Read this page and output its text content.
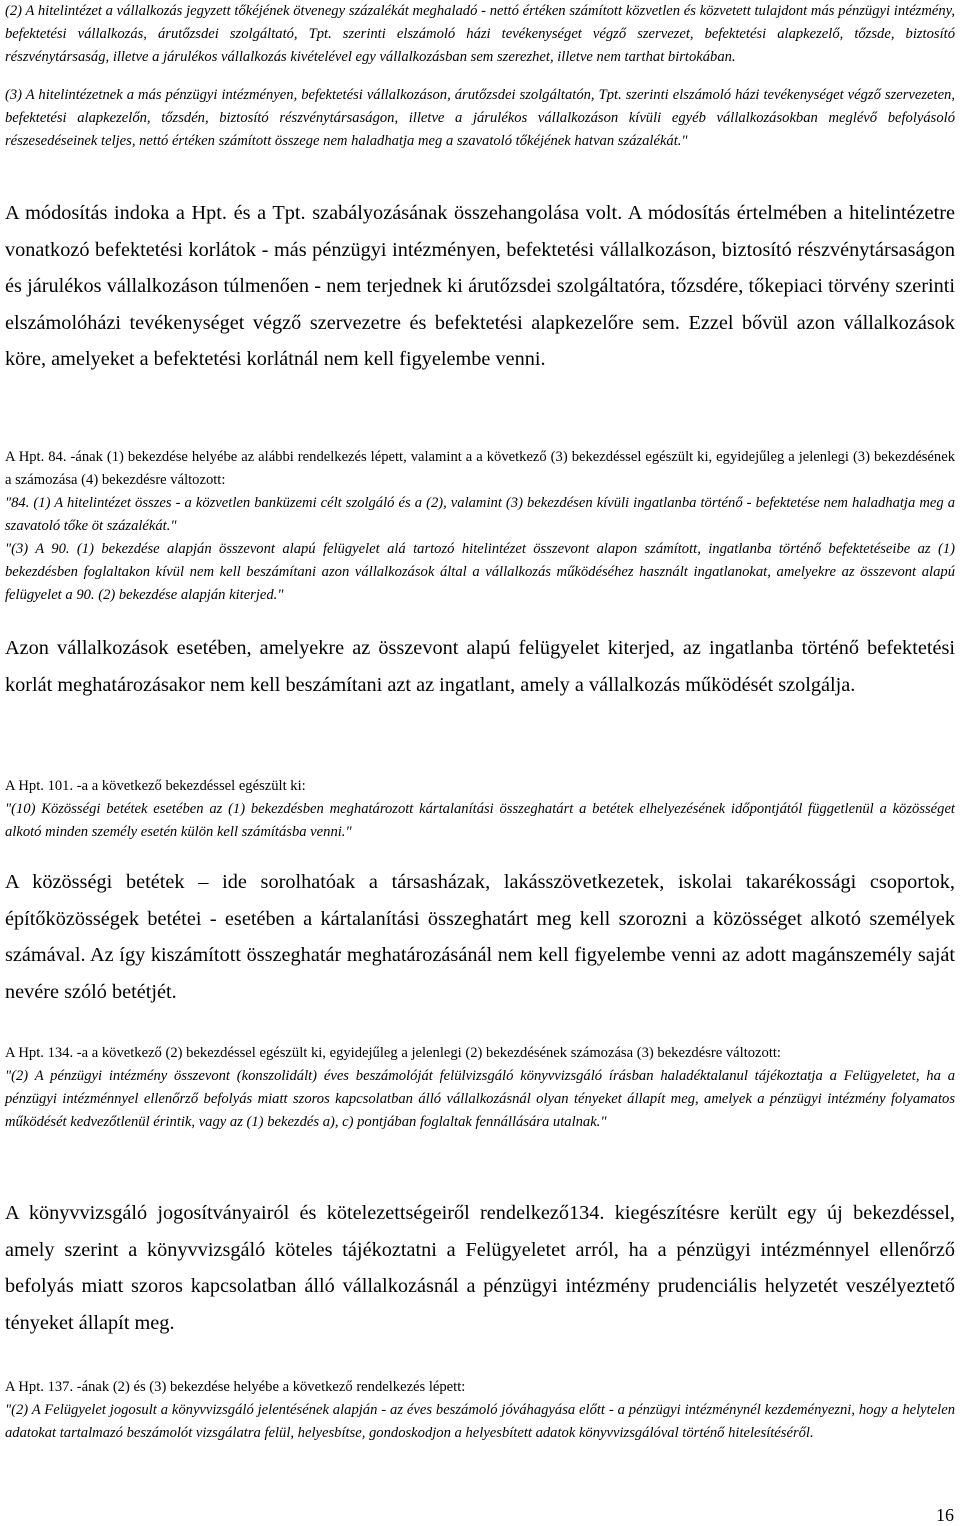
(2) A hitelintézet a vállalkozás jegyzett tőkéjének ötvenegy százalékát meghaladó - nettó értéken számított közvetlen és közvetett tulajdont más pénzügyi intézmény, befektetési vállalkozás, árutőzsdei szolgáltató, Tpt. szerinti elszámoló házi tevékenységet végző szervezet, befektetési alapkezelő, tőzsde, biztosító részvénytársaság, illetve a járulékos vállalkozás kivételével egy vállalkozásban sem szerezhet, illetve nem tarthat birtokában.

(3) A hitelintézetnek a más pénzügyi intézményen, befektetési vállalkozáson, árutőzsdei szolgáltatón, Tpt. szerinti elszámoló házi tevékenységet végző szervezeten, befektetési alapkezelőn, tőzsdén, biztosító részvénytársaságon, illetve a járulékos vállalkozáson kívüli egyéb vállalkozásokban meglévő befolyásoló részesedéseinek teljes, nettó értéken számított összege nem haladhatja meg a szavatoló tőkéjének hatvan százalékát."

A módosítás indoka a Hpt. és a Tpt. szabályozásának összehangolása volt. A módosítás értelmében a hitelintézetre vonatkozó befektetési korlátok - más pénzügyi intézményen, befektetési vállalkozáson, biztosító részvénytársaságon és járulékos vállalkozáson túlmenően - nem terjednek ki árutőzsdei szolgáltatóra, tőzsdére, tőkepiaci törvény szerinti elszámolóházi tevékenységet végző szervezetre és befektetési alapkezelőre sem. Ezzel bővül azon vállalkozások köre, amelyeket a befektetési korlátnál nem kell figyelembe venni.

A Hpt. 84. -ának (1) bekezdése helyébe az alábbi rendelkezés lépett, valamint a a következő (3) bekezdéssel egészült ki, egyidejűleg a jelenlegi (3) bekezdésének a számozása (4) bekezdésre változott:

"84. (1) A hitelintézet összes - a közvetlen banküzemi célt szolgáló és a (2), valamint (3) bekezdésen kívüli ingatlanba történő - befektetése nem haladhatja meg a szavatoló tőke öt százalékát."

"(3) A 90. (1) bekezdése alapján összevont alapú felügyelet alá tartozó hitelintézet összevont alapon számított, ingatlanba történő befektetéseibe az (1) bekezdésben foglaltakon kívül nem kell beszámítani azon vállalkozások által a vállalkozás működéséhez használt ingatlanokat, amelyekre az összevont alapú felügyelet a 90. (2) bekezdése alapján kiterjed."

Azon vállalkozások esetében, amelyekre az összevont alapú felügyelet kiterjed, az ingatlanba történő befektetési korlát meghatározásakor nem kell beszámítani azt az ingatlant, amely a vállalkozás működését szolgálja.

A Hpt. 101. -a a következő bekezdéssel egészült ki:

"(10) Közösségi betétek esetében az (1) bekezdésben meghatározott kártalanítási összeghatárt a betétek elhelyezésének időpontjától függetlenül a közösséget alkotó minden személy esetén külön kell számításba venni."

A közösségi betétek – ide sorolhatóak a társasházak, lakásszövetkezetek, iskolai takarékossági csoportok, építőközösségek betétei - esetében a kártalanítási összeghatárt meg kell szorozni a közösséget alkotó személyek számával. Az így kiszámított összeghatár meghatározásánál nem kell figyelembe venni az adott magánszemély saját nevére szóló betétjét.

A Hpt. 134. -a a következő (2) bekezdéssel egészült ki, egyidejűleg a jelenlegi (2) bekezdésének számozása (3) bekezdésre változott:

"(2) A pénzügyi intézmény összevont (konszolidált) éves beszámolóját felülvizsgáló könyvvizsgáló írásban haladéktalanul tájékoztatja a Felügyeletet, ha a pénzügyi intézménnyel ellenőrző befolyás miatt szoros kapcsolatban álló vállalkozásnál olyan tényeket állapít meg, amelyek a pénzügyi intézmény folyamatos működését kedvezőtlenül érintik, vagy az (1) bekezdés a), c) pontjában foglaltak fennállására utalnak."

A könyvvizsgáló jogosítványairól és kötelezettségeiről rendelkező134. kiegészítésre került egy új bekezdéssel, amely szerint a könyvvizsgáló köteles tájékoztatni a Felügyeletet arról, ha a pénzügyi intézménnyel ellenőrző befolyás miatt szoros kapcsolatban álló vállalkozásnál a pénzügyi intézmény prudenciális helyzetét veszélyeztető tényeket állapít meg.

A Hpt. 137. -ának (2) és (3) bekezdése helyébe a következő rendelkezés lépett:

"(2) A Felügyelet jogosult a könyvvizsgáló jelentésének alapján - az éves beszámoló jóváhagyása előtt - a pénzügyi intézménynél kezdeményezni, hogy a helytelen adatokat tartalmazó beszámolót vizsgálatra felül, helyesbítse, gondoskodjon a helyesbített adatok könyvvizsgálóval történő hitelesítéséről.

16
